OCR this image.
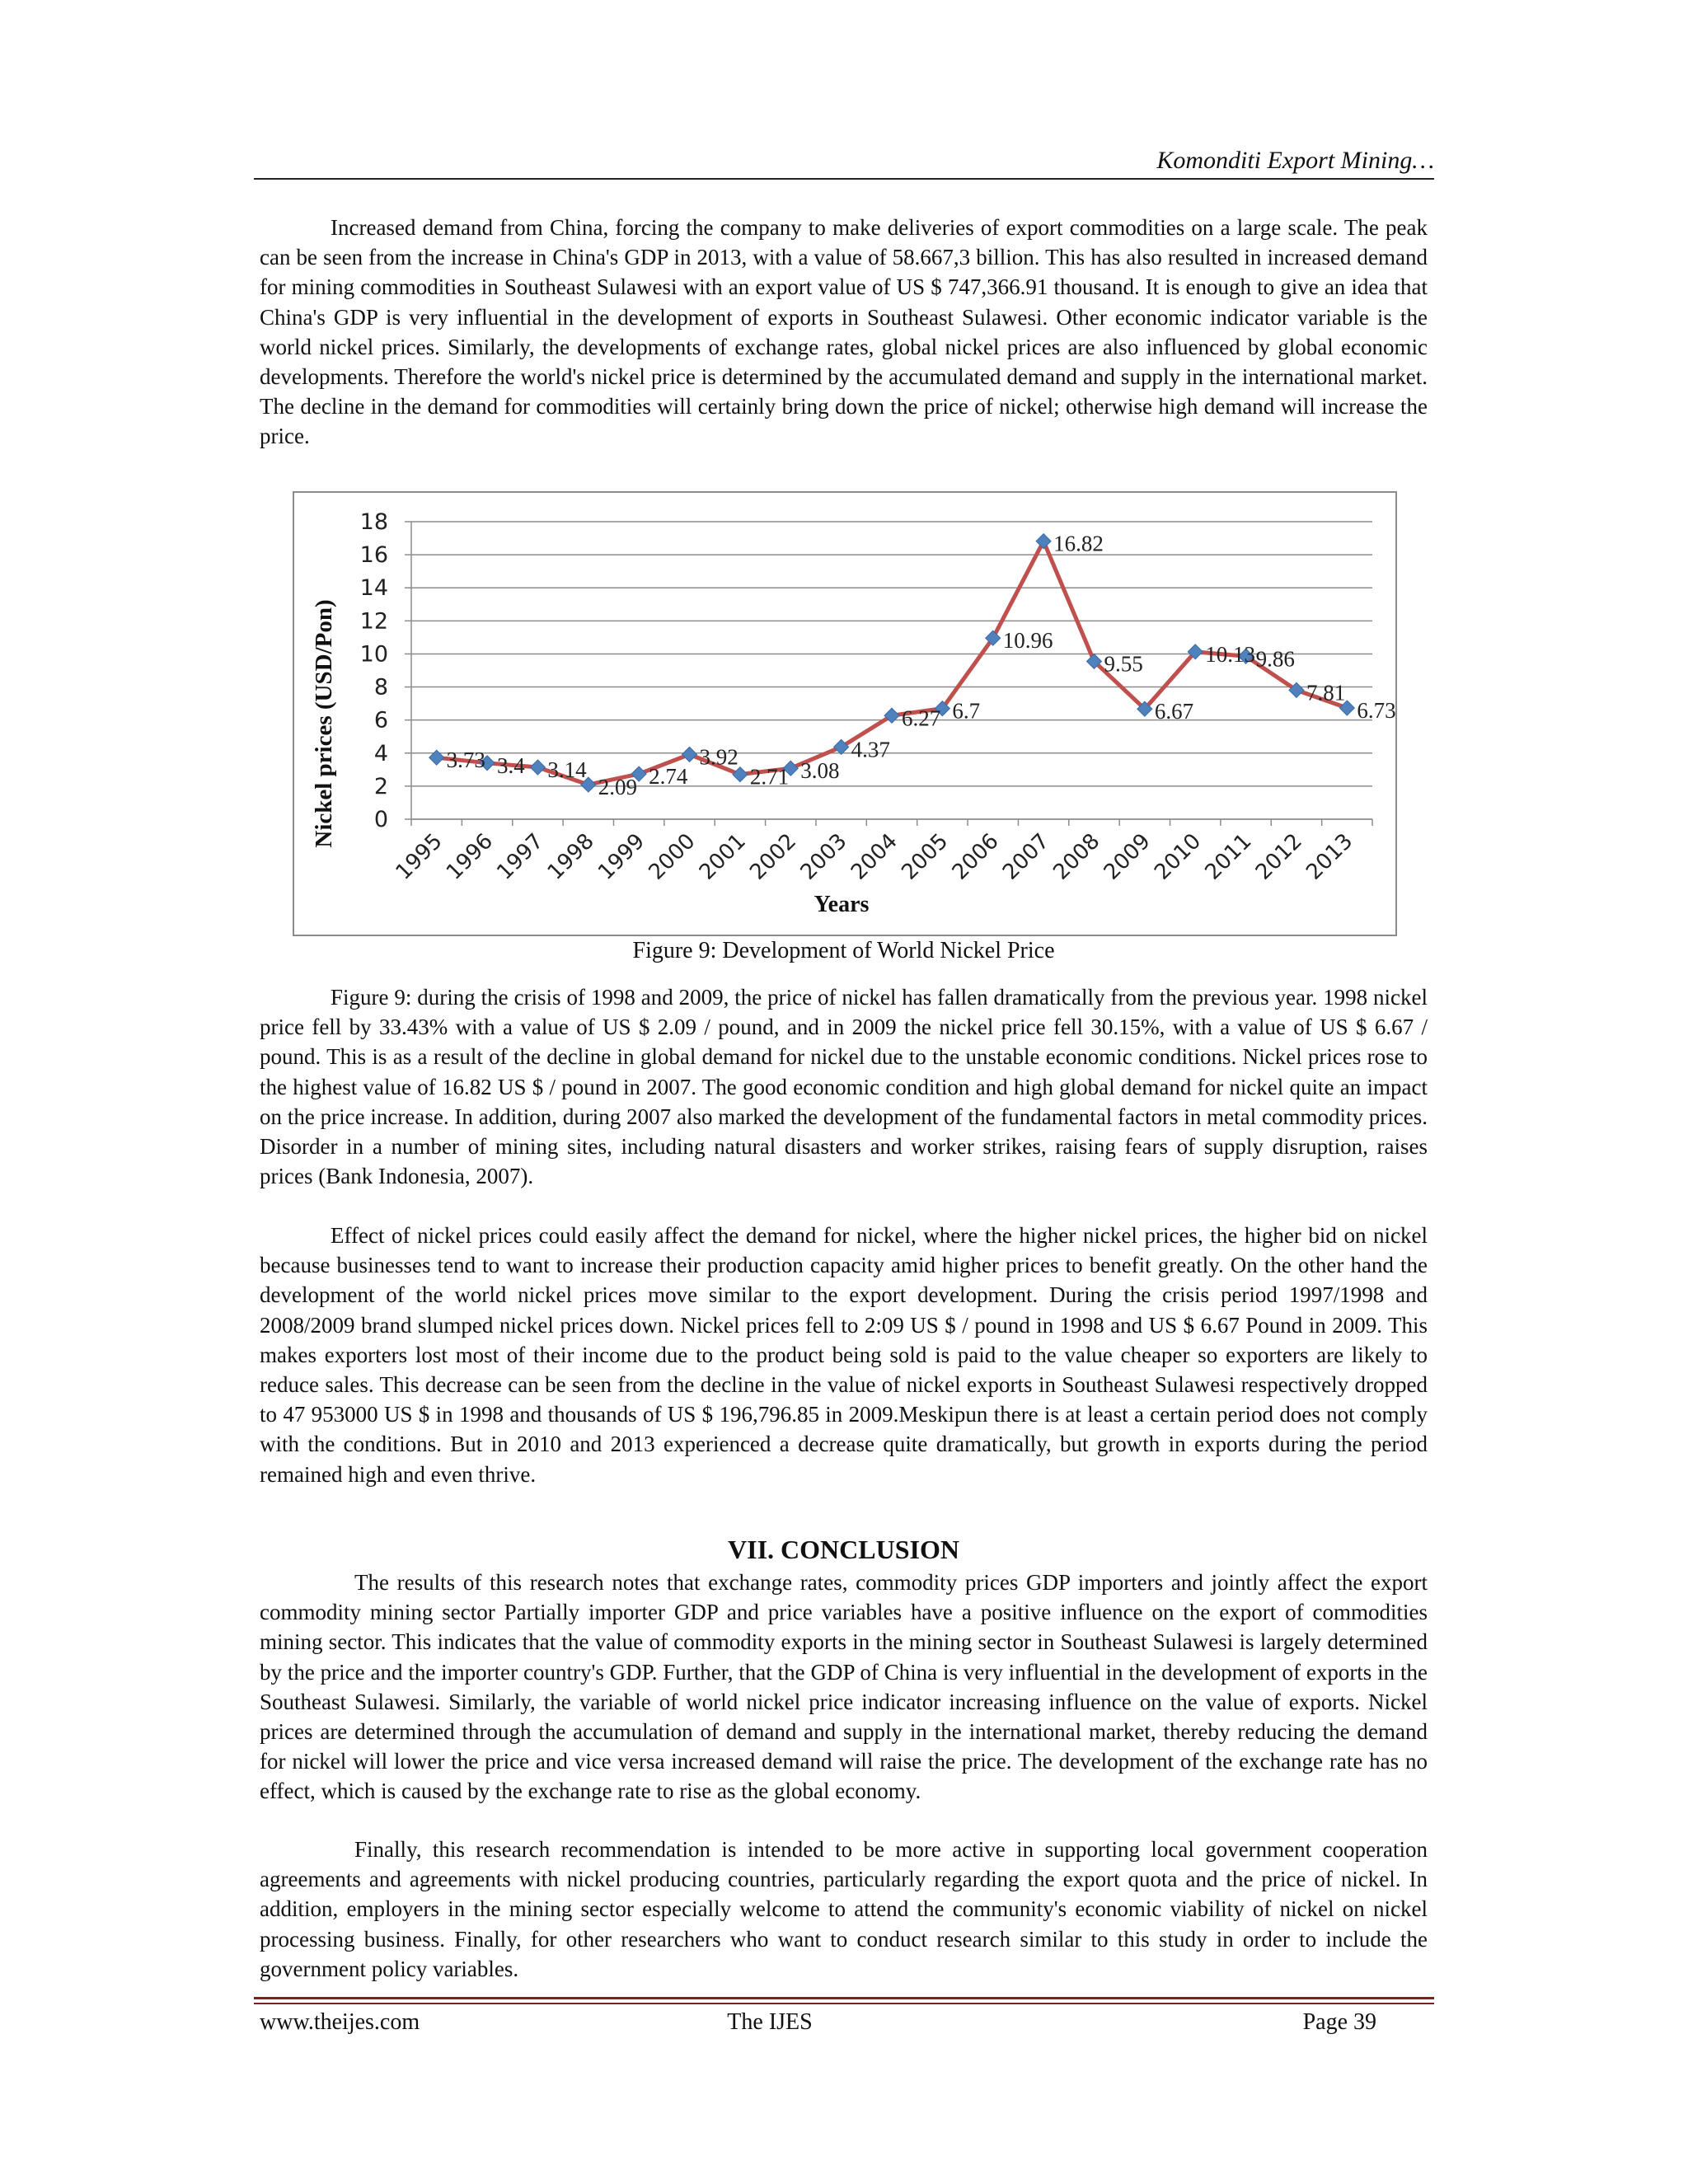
Komonditi Export Mining…

Increased demand from China, forcing the company to make deliveries of export commodities on a large scale. The peak can be seen from the increase in China's GDP in 2013, with a value of 58.667,3 billion. This has also resulted in increased demand for mining commodities in Southeast Sulawesi with an export value of US $ 747,366.91 thousand. It is enough to give an idea that China's GDP is very influential in the development of exports in Southeast Sulawesi. Other economic indicator variable is the world nickel prices. Similarly, the developments of exchange rates, global nickel prices are also influenced by global economic developments. Therefore the world's nickel price is determined by the accumulated demand and supply in the international market. The decline in the demand for commodities will certainly bring down the price of nickel; otherwise high demand will increase the price.

0
2
4
6
8
10
12
14
16
18
1995
1996
1997
1998
1999
2000
2001
2002
2003
2004
2005
2006
2007
2008
2009
2010
2011
2012
2013
3.73 3.4 3.14
2.09 2.74
3.92
2.71 3.08
4.37
6.27 6.7
10.96
16.82
9.55
6.67
10.13 9.86
7.81
6.73
Nickel prices (USD/Pon)
Years
Figure 9: Development of World Nickel Price

Figure 9: during the crisis of 1998 and 2009, the price of nickel has fallen dramatically from the previous year. 1998 nickel price fell by 33.43% with a value of US $ 2.09 / pound, and in 2009 the nickel price fell 30.15%, with a value of US $ 6.67 / pound. This is as a result of the decline in global demand for nickel due to the unstable economic conditions. Nickel prices rose to the highest value of 16.82 US $ / pound in 2007. The good economic condition and high global demand for nickel quite an impact on the price increase. In addition, during 2007 also marked the development of the fundamental factors in metal commodity prices. Disorder in a number of mining sites, including natural disasters and worker strikes, raising fears of supply disruption, raises prices (Bank Indonesia, 2007).

Effect of nickel prices could easily affect the demand for nickel, where the higher nickel prices, the higher bid on nickel because businesses tend to want to increase their production capacity amid higher prices to benefit greatly. On the other hand the development of the world nickel prices move similar to the export development. During the crisis period 1997/1998 and 2008/2009 brand slumped nickel prices down. Nickel prices fell to 2:09 US $ / pound in 1998 and US $ 6.67 Pound in 2009. This makes exporters lost most of their income due to the product being sold is paid to the value cheaper so exporters are likely to reduce sales. This decrease can be seen from the decline in the value of nickel exports in Southeast Sulawesi respectively dropped to 47 953000 US $ in 1998 and thousands of US $ 196,796.85 in 2009.Meskipun there is at least a certain period does not comply with the conditions. But in 2010 and 2013 experienced a decrease quite dramatically, but growth in exports during the period remained high and even thrive.

VII. CONCLUSION

The results of this research notes that exchange rates, commodity prices GDP importers and jointly affect the export commodity mining sector Partially importer GDP and price variables have a positive influence on the export of commodities mining sector. This indicates that the value of commodity exports in the mining sector in Southeast Sulawesi is largely determined by the price and the importer country's GDP. Further, that the GDP of China is very influential in the development of exports in the Southeast Sulawesi. Similarly, the variable of world nickel price indicator increasing influence on the value of exports. Nickel prices are determined through the accumulation of demand and supply in the international market, thereby reducing the demand for nickel will lower the price and vice versa increased demand will raise the price. The development of the exchange rate has no effect, which is caused by the exchange rate to rise as the global economy.

Finally, this research recommendation is intended to be more active in supporting local government cooperation agreements and agreements with nickel producing countries, particularly regarding the export quota and the price of nickel. In addition, employers in the mining sector especially welcome to attend the community's economic viability of nickel on nickel processing business. Finally, for other researchers who want to conduct research similar to this study in order to include the government policy variables.

www.theijes.com	The IJES	Page 39
